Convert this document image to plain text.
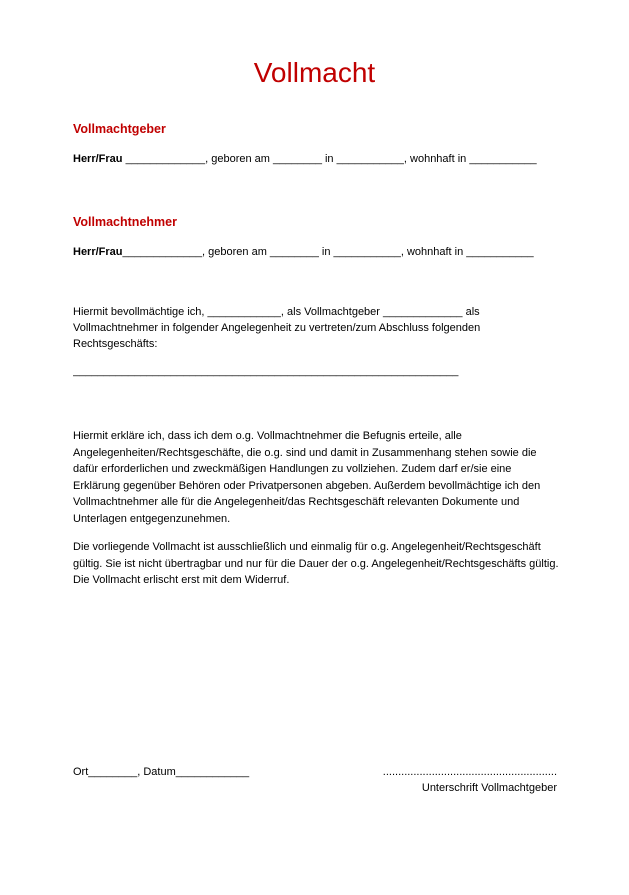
Vollmacht
Vollmachtgeber
Herr/Frau _____________, geboren am ________ in ___________, wohnhaft in ___________
Vollmachtnehmer
Herr/Frau_____________, geboren am ________ in ___________, wohnhaft in ___________
Hiermit bevollmächtige ich, ____________, als Vollmachtgeber _____________ als Vollmachtnehmer in folgender Angelegenheit zu vertreten/zum Abschluss folgenden Rechtsgeschäfts:
_______________________________________________________________
Hiermit erkläre ich, dass ich dem o.g. Vollmachtnehmer die Befugnis erteile, alle Angelegenheiten/Rechtsgeschäfte, die o.g. sind und damit in Zusammenhang stehen sowie die dafür erforderlichen und zweckmäßigen Handlungen zu vollziehen. Zudem darf er/sie eine Erklärung gegenüber Behören oder Privatpersonen abgeben. Außerdem bevollmächtige ich den Vollmachtnehmer alle für die Angelegenheit/das Rechtsgeschäft relevanten Dokumente und Unterlagen entgegenzunehmen.
Die vorliegende Vollmacht ist ausschließlich und einmalig für o.g. Angelegenheit/Rechtsgeschäft gültig. Sie ist nicht übertragbar und nur für die Dauer der o.g. Angelegenheit/Rechtsgeschäfts gültig. Die Vollmacht erlischt erst mit dem Widerruf.
Ort________, Datum____________	.........................................................
Unterschrift Vollmachtgeber
